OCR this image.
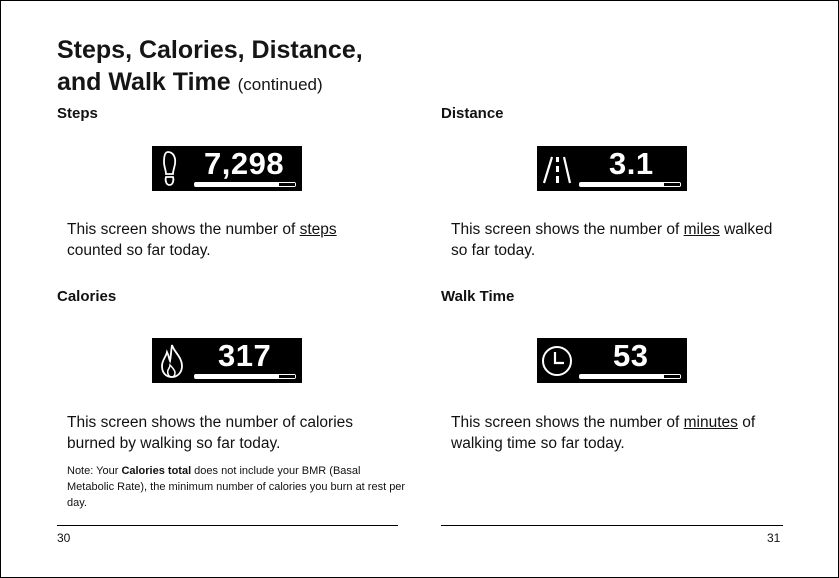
Steps, Calories, Distance,
and Walk Time (continued)
Steps
7,298
This screen shows the number of steps
counted so far today.
Calories
317
This screen shows the number of calories
burned by walking so far today.
Note: Your Calories total does not include your BMR (Basal Metabolic Rate), the minimum number of calories you burn at rest per day.
Distance
3.1
This screen shows the number of miles walked
so far today.
Walk Time
53
This screen shows the number of minutes of
walking time so far today.
30	31
